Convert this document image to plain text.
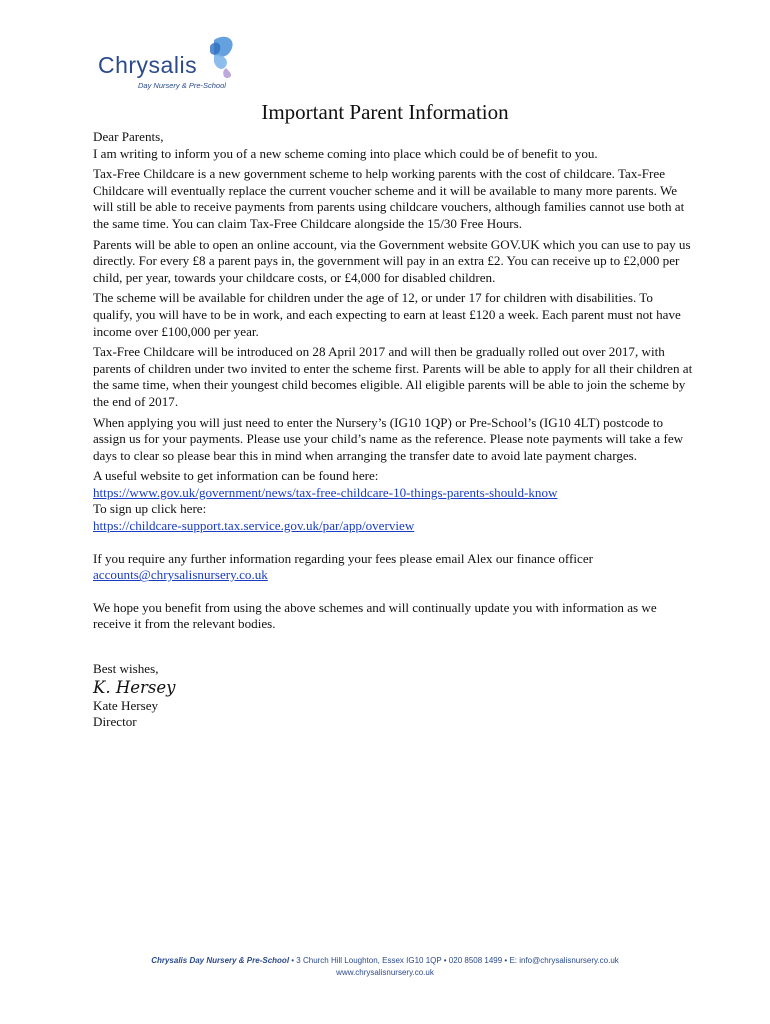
Chrysalis
Day Nursery & Pre-School
Important Parent Information

Dear Parents,

I am writing to inform you of a new scheme coming into place which could be of benefit to you.

Tax-Free Childcare is a new government scheme to help working parents with the cost of childcare. Tax-Free Childcare will eventually replace the current voucher scheme and it will be available to many more parents. We will still be able to receive payments from parents using childcare vouchers, although families cannot use both at the same time. You can claim Tax-Free Childcare alongside the 15/30 Free Hours.

Parents will be able to open an online account, via the Government website GOV.UK which you can use to pay us directly. For every £8 a parent pays in, the government will pay in an extra £2. You can receive up to £2,000 per child, per year, towards your childcare costs, or £4,000 for disabled children.

The scheme will be available for children under the age of 12, or under 17 for children with disabilities. To qualify, you will have to be in work, and each expecting to earn at least £120 a week. Each parent must not have income over £100,000 per year.

Tax-Free Childcare will be introduced on 28 April 2017 and will then be gradually rolled out over 2017, with parents of children under two invited to enter the scheme first. Parents will be able to apply for all their children at the same time, when their youngest child becomes eligible. All eligible parents will be able to join the scheme by the end of 2017.

When applying you will just need to enter the Nursery’s (IG10 1QP) or Pre-School’s (IG10 4LT) postcode to assign us for your payments. Please use your child’s name as the reference. Please note payments will take a few days to clear so please bear this in mind when arranging the transfer date to avoid late payment charges.

A useful website to get information can be found here:
https://www.gov.uk/government/news/tax-free-childcare-10-things-parents-should-know
To sign up click here:
https://childcare-support.tax.service.gov.uk/par/app/overview
If you require any further information regarding your fees please email Alex our finance officer
accounts@chrysalisnursery.co.uk

We hope you benefit from using the above schemes and will continually update you with information as we receive it from the relevant bodies.

Best wishes,
K. Hersey
Kate Hersey
Director
Chrysalis Day Nursery & Pre-School • 3 Church Hill Loughton, Essex IG10 1QP • 020 8508 1499 • E: info@chrysalisnursery.co.uk
www.chrysalisnursery.co.uk
